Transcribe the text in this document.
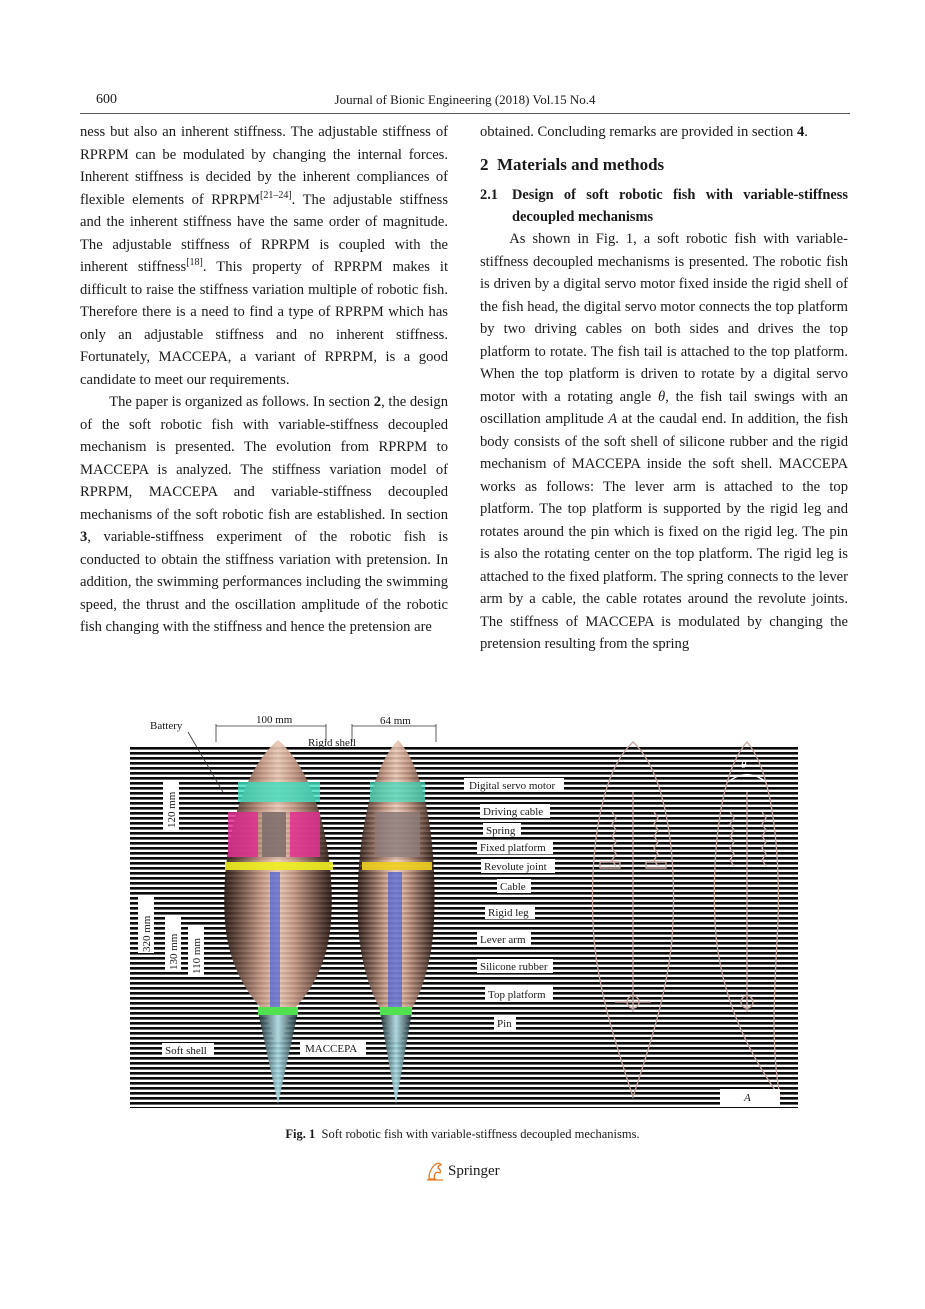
600	Journal of Bionic Engineering (2018) Vol.15 No.4

ness but also an inherent stiffness. The adjustable stiffness of RPRPM can be modulated by changing the internal forces. Inherent stiffness is decided by the inherent compliances of flexible elements of RPRPM[21–24]. The adjustable stiffness and the inherent stiffness have the same order of magnitude. The adjustable stiffness of RPRPM is coupled with the inherent stiffness[18]. This property of RPRPM makes it difficult to raise the stiffness variation multiple of robotic fish. Therefore there is a need to find a type of RPRPM which has only an adjustable stiffness and no inherent stiffness. Fortunately, MACCEPA, a variant of RPRPM, is a good candidate to meet our requirements.

The paper is organized as follows. In section 2, the design of the soft robotic fish with variable-stiffness decoupled mechanism is presented. The evolution from RPRPM to MACCEPA is analyzed. The stiffness variation model of RPRPM, MACCEPA and variable-stiffness decoupled mechanisms of the soft robotic fish are established. In section 3, variable-stiffness experiment of the robotic fish is conducted to obtain the stiffness variation with pretension. In addition, the swimming performances including the swimming speed, the thrust and the oscillation amplitude of the robotic fish changing with the stiffness and hence the pretension are

obtained. Concluding remarks are provided in section 4.

2 Materials and methods
2.1 Design of soft robotic fish with variable-stiffness decoupled mechanisms

As shown in Fig. 1, a soft robotic fish with variable-stiffness decoupled mechanisms is presented. The robotic fish is driven by a digital servo motor fixed inside the rigid shell of the fish head, the digital servo motor connects the top platform by two driving cables on both sides and drives the top platform to rotate. The fish tail is attached to the top platform. When the top platform is driven to rotate by a digital servo motor with a rotating angle θ, the fish tail swings with an oscillation amplitude A at the caudal end. In addition, the fish body consists of the soft shell of silicone rubber and the rigid mechanism of MACCEPA inside the soft shell. MACCEPA works as follows: The lever arm is attached to the top platform. The top platform is supported by the rigid leg and rotates around the pin which is fixed on the rigid leg. The pin is also the rotating center on the top platform. The rigid leg is attached to the fixed platform. The spring connects to the lever arm by a cable, the cable rotates around the revolute joints. The stiffness of MACCEPA is modulated by changing the pretension resulting from the spring

Battery	100 mm	64 mm
Rigid shell
θ
Digital servo motor
Driving cable
Spring
Fixed platform
Revolute joint
Cable
Rigid leg
Lever arm
Silicone rubber
Top platform
Pin
Soft shell	MACCEPA
A
120 mm
320 mm 130 mm 110 mm
Fig. 1 Soft robotic fish with variable-stiffness decoupled mechanisms.
Springer
